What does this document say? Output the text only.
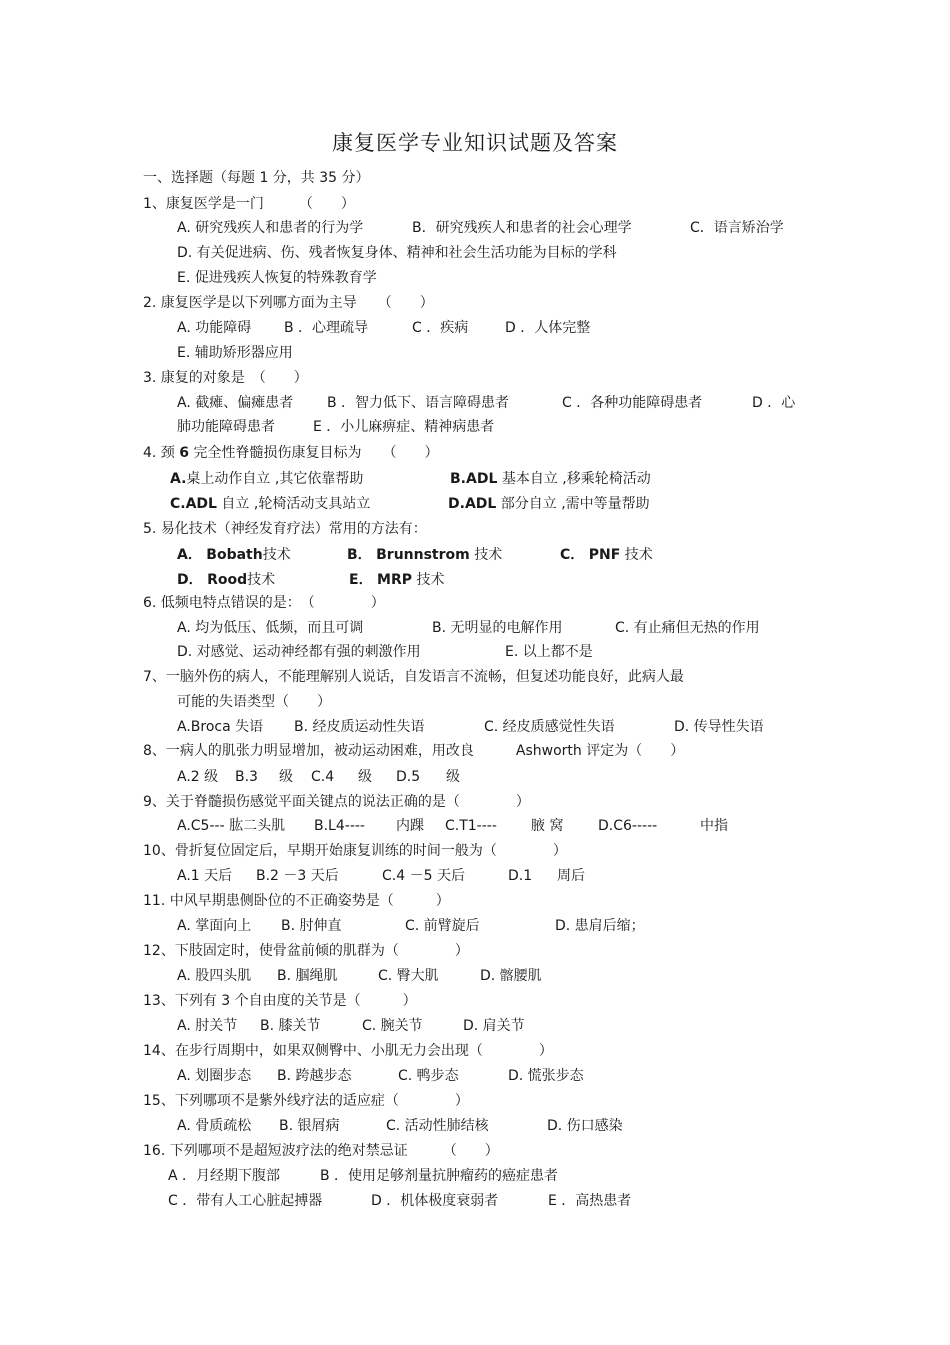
康复医学专业知识试题及答案
一、选择题（每题 1 分，共 35 分）
1、康复医学是一门　　　（　　）
A. 研究残疾人和患者的行为学	B．研究残疾人和患者的社会心理学	C．语言矫治学
D. 有关促进病、伤、残者恢复身体、精神和社会生活功能为目标的学科
E. 促进残疾人恢复的特殊教育学
2. 康复医学是以下列哪方面为主导　　（　　）
A. 功能障碍 B ．心理疏导	C ．疾病	D ．人体完整
E. 辅助矫形器应用
3. 康复的对象是　（　　）
A. 截瘫、偏瘫患者 B ．智力低下、语言障碍患者	C ．各种功能障碍患者	D ．心
肺功能障碍患者	E ．小儿麻痹症、精神病患者
4. 颈 6 完全性脊髓损伤康复目标为　　（　　）
A.桌上动作自立 ,其它依靠帮助	B.ADL 基本自立 ,移乘轮椅活动
C.ADL 自立 ,轮椅活动支具站立	D.ADL 部分自立 ,需中等量帮助
5. 易化技术（神经发育疗法）常用的方法有：
A． Bobath技术	B． Brunnstrom 技术	C． PNF 技术
D． Rood技术	E． MRP 技术
6. 低频电特点错误的是：　（　　　　）
A. 均为低压、低频，而且可调	B. 无明显的电解作用	C. 有止痛但无热的作用
D. 对感觉、运动神经都有强的刺激作用	E. 以上都不是
7、一脑外伤的病人，不能理解别人说话，自发语言不流畅，但复述功能良好，此病人最
可能的失语类型（　　）
A.Broca 失语 B. 经皮质运动性失语	C. 经皮质感觉性失语	D. 传导性失语
8、一病人的肌张力明显增加，被动运动困难，用改良　　　Ashworth 评定为（　　）
A.2 级 B.3 级 C.4 级 D.5 级
9、关于脊髓损伤感觉平面关键点的说法正确的是（　　　　）
A.C5--- 肱二头肌 B.L4---- 内踝 C.T1---- 腋 窝 D.C6-----	中指
10、骨折复位固定后，早期开始康复训练的时间一般为（　　　　）
A.1 天后 B.2 －3 天后	C.4 －5 天后	D.1 周后
11. 中风早期患侧卧位的不正确姿势是（　　　）
A. 掌面向上 B. 肘伸直	C. 前臂旋后	D. 患肩后缩；
12、下肢固定时，使骨盆前倾的肌群为（　　　　）
A. 股四头肌 B. 腘绳肌	C. 臀大肌	D. 髂腰肌
13、下列有 3 个自由度的关节是（　　　）
A. 肘关节 B. 膝关节	C. 腕关节	D. 肩关节
14、在步行周期中，如果双侧臀中、小肌无力会出现（　　　　）
A. 划圈步态 B. 跨越步态	C. 鸭步态	D. 慌张步态
15、下列哪项不是紫外线疗法的适应症（　　　　）
A. 骨质疏松 B. 银屑病	C. 活动性肺结核	D. 伤口感染
16. 下列哪项不是超短波疗法的绝对禁忌证　　　（　　）
A ．月经期下腹部	B ．使用足够剂量抗肿瘤药的癌症患者
C ．带有人工心脏起搏器	D ．机体极度衰弱者	E ．高热患者
